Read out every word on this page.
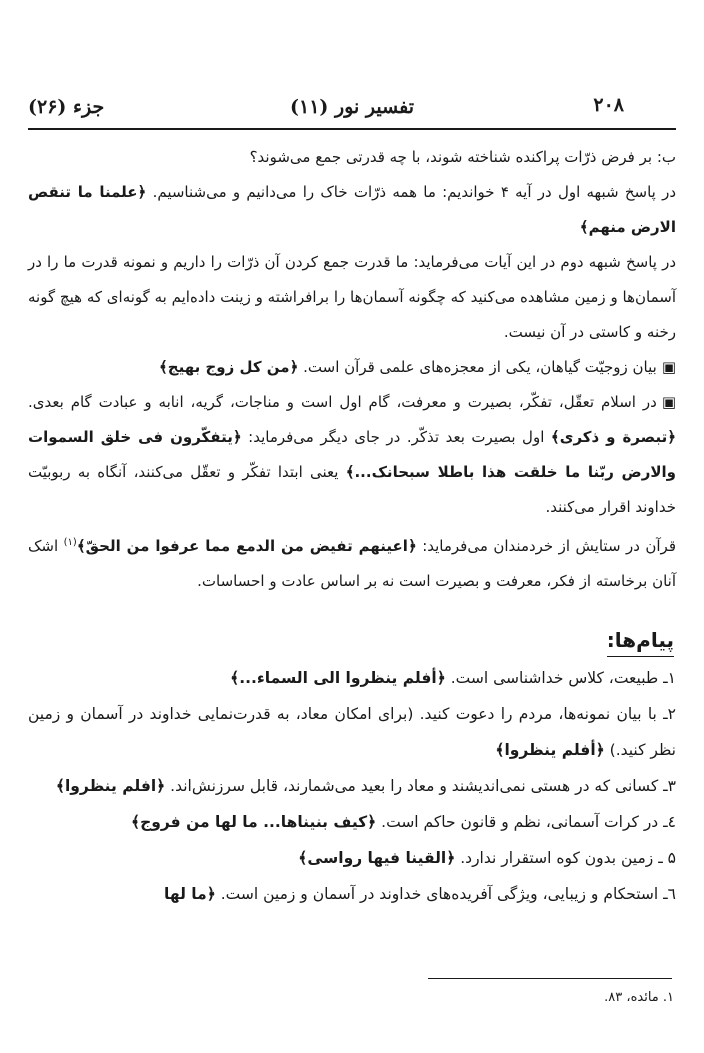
۲۰۸
تفسیر نور (۱۱)
جزء (۲۶)

ب: بر فرض ذرّات پراکنده شناخته شوند، با چه قدرتی جمع می‌شوند؟

در پاسخ شبهه اول در آیه ۴ خواندیم: ما همه ذرّات خاک را می‌دانیم و می‌شناسیم. ﴿علمنا ما تنقص الارض منهم﴾

در پاسخ شبهه دوم در این آیات می‌فرماید: ما قدرت جمع کردن آن ذرّات را داریم و نمونه قدرت ما را در آسمان‌ها و زمین مشاهده می‌کنید که چگونه آسمان‌ها را برافراشته و زینت داده‌ایم به گونه‌ای که هیچ گونه رخنه و کاستی در آن نیست.

▣بیان زوجیّت گیاهان، یکی از معجزه‌های علمی قرآن است. ﴿من کل زوج بهیج﴾

▣در اسلام تعقّل، تفکّر، بصیرت و معرفت، گام اول است و مناجات، گریه، انابه و عبادت گام بعدی. ﴿تبصرة و ذکری﴾ اول بصیرت بعد تذکّر. در جای دیگر می‌فرماید: ﴿یتفکّرون فی خلق السموات والارض ربّنا ما خلقت هذا باطلا سبحانک...﴾ یعنی ابتدا تفکّر و تعقّل می‌کنند، آنگاه به ربوبیّت خداوند اقرار می‌کنند.

قرآن در ستایش از خردمندان می‌فرماید: ﴿اعینهم تفیض من الدمع مما عرفوا من الحقّ﴾$^{(۱)}$ اشک آنان برخاسته از فکر، معرفت و بصیرت است نه بر اساس عادت و احساسات.

پیام‌ها:

۱ـ طبیعت، کلاس خداشناسی است. ﴿أفلم ینظروا الی السماء...﴾

۲ـ با بیان نمونه‌ها، مردم را دعوت کنید. (برای امکان معاد، به قدرت‌نمایی خداوند در آسمان و زمین نظر کنید.) ﴿أفلم ینظروا﴾

۳ـ کسانی که در هستی نمی‌اندیشند و معاد را بعید می‌شمارند، قابل سرزنش‌اند. ﴿افلم ینظروا﴾

٤ـ در کرات آسمانی، نظم و قانون حاکم است. ﴿کیف بنیناها... ما لها من فروج﴾

۵ ـ زمین بدون کوه استقرار ندارد. ﴿القینا فیها رواسی﴾

٦ـ استحکام و زیبایی، ویژگی آفریده‌های خداوند در آسمان و زمین است. ﴿ما لها

۱. مائده، ۸۳.
